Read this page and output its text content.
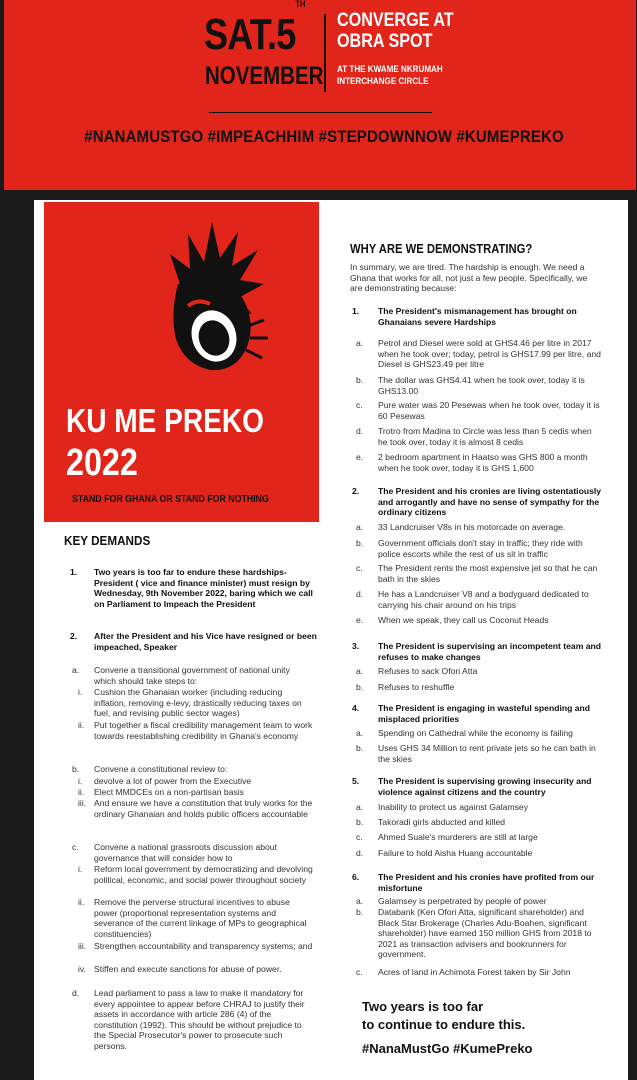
SAT.5TH
NOVEMBER
CONVERGE AT
OBRA SPOT
AT THE KWAME NKRUMAH
INTERCHANGE CIRCLE
#NANAMUSTGO #IMPEACHHIM #STEPDOWNNOW #KUMEPREKO
KU ME PREKO
2022
STAND FOR GHANA OR STAND FOR NOTHING
KEY DEMANDS
1. Two years is too far to endure these hardships- President ( vice and finance minister) must resign by Wednesday, 9th November 2022, baring which we call on Parliament to Impeach the President
2. After the President and his Vice have resigned or been impeached, Speaker
a. Convene a transitional government of national unity which should take steps to:
i. Cushion the Ghanaian worker (including reducing inflation, removing e-levy, drastically reducing taxes on fuel, and revising public sector wages)
ii. Put together a fiscal credibility management team to work towards reestablishing credibility in Ghana's economy
b. Convene a constitutional review to:
i. devolve a lot of power from the Executive
ii. Elect MMDCEs on a non-partisan basis
iii. And ensure we have a constitution that truly works for the ordinary Ghanaian and holds public officers accountable
c. Convene a national grassroots discussion about governance that will consider how to
i. Reform local government by democratizing and devolving political, economic, and social power throughout society
ii. Remove the perverse structural incentives to abuse power (proportional representation systems and severance of the current linkage of MPs to geographical constituencies)
iii. Strengthen accountability and transparency systems; and
iv. Stiffen and execute sanctions for abuse of power.
d. Lead parliament to pass a law to make it mandatory for every appointee to appear before CHRAJ to justify their assets in accordance with article 286 (4) of the constitution (1992). This should be without prejudice to the Special Prosecutor's power to prosecute such persons.
WHY ARE WE DEMONSTRATING?
In summary, we are tired. The hardship is enough. We need a Ghana that works for all, not just a few people. Specifically, we are demonstrating because:
1. The President's mismanagement has brought on Ghanaians severe Hardships
a. Petrol and Diesel were sold at GHS4.46 per litre in 2017 when he took over; today, petrol is GHS17.99 per litre, and Diesel is GHS23.49 per litre
b. The dollar was GHS4.41 when he took over, today it is GHS13.00
c. Pure water was 20 Pesewas when he took over, today it is 60 Pesewas
d. Trotro from Madina to Circle was less than 5 cedis when he took over, today it is almost 8 cedis
e. 2 bedroom apartment in Haatso was GHS 800 a month when he took over, today it is GHS 1,600
2. The President and his cronies are living ostentatiously and arrogantly and have no sense of sympathy for the ordinary citizens
a. 33 Landcruiser V8s in his motorcade on average.
b. Government officials don't stay in traffic; they ride with police escorts while the rest of us sit in traffic
c. The President rents the most expensive jet so that he can bath in the skies
d. He has a Landcruiser V8 and a bodyguard dedicated to carrying his chair around on his trips
e. When we speak, they call us Coconut Heads
3. The President is supervising an incompetent team and refuses to make changes
a. Refuses to sack Ofori Atta
b. Refuses to reshuffle
4. The President is engaging in wasteful spending and misplaced priorities
a. Spending on Cathedral while the economy is failing
b. Uses GHS 34 Million to rent private jets so he can bath in the skies
5. The President is supervising growing insecurity and violence against citizens and the country
a. Inability to protect us against Galamsey
b. Takoradi girls abducted and killed
c. Ahmed Suale's murderers are still at large
d. Failure to hold Aisha Huang accountable
6. The President and his cronies have profited from our misfortune
a. Galamsey is perpetrated by people of power
b. Databank (Ken Ofori Atta, significant shareholder) and Black Star Brokerage (Charles Adu-Boahen, significant shareholder) have earned 150 million GHS from 2018 to 2021 as transaction advisers and bookrunners for government.
c. Acres of land in Achimota Forest taken by Sir John
Two years is too far
to continue to endure this.
#NanaMustGo #KumePreko
